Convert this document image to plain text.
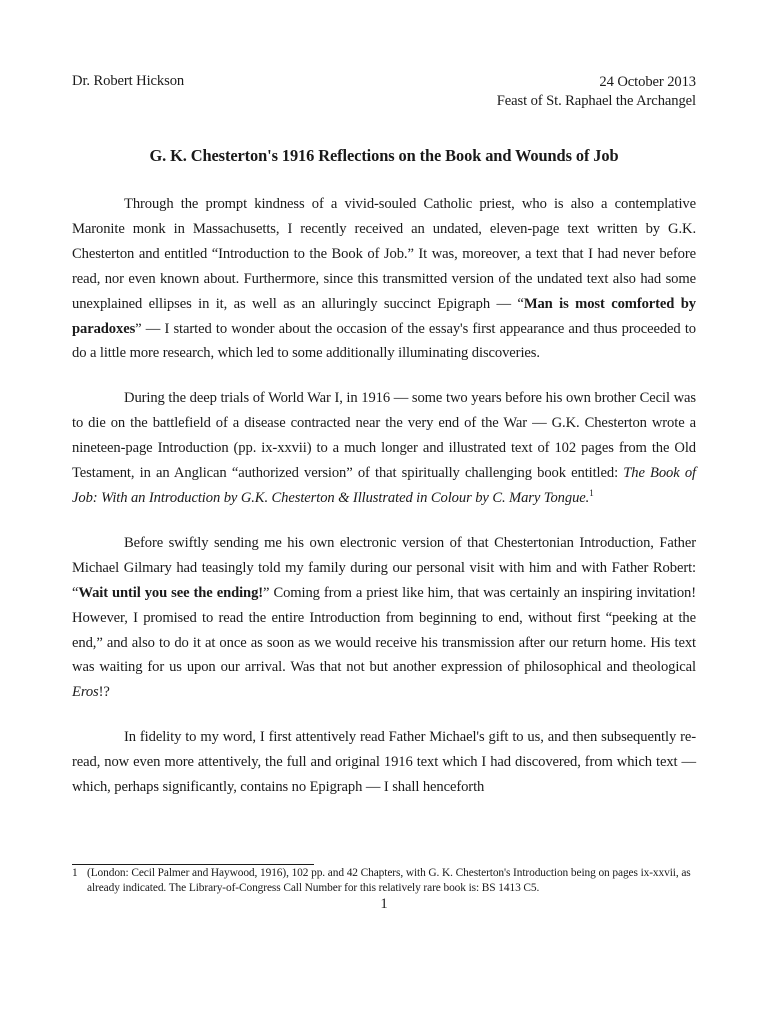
Dr. Robert Hickson	24 October 2013
Feast of St. Raphael the Archangel
G. K. Chesterton's 1916 Reflections on the Book and Wounds of Job

Through the prompt kindness of a vivid-souled Catholic priest, who is also a contemplative Maronite monk in Massachusetts, I recently received an undated, eleven-page text written by G.K. Chesterton and entitled “Introduction to the Book of Job.” It was, moreover, a text that I had never before read, nor even known about. Furthermore, since this transmitted version of the undated text also had some unexplained ellipses in it, as well as an alluringly succinct Epigraph — “Man is most comforted by paradoxes” — I started to wonder about the occasion of the essay's first appearance and thus proceeded to do a little more research, which led to some additionally illuminating discoveries.

During the deep trials of World War I, in 1916 — some two years before his own brother Cecil was to die on the battlefield of a disease contracted near the very end of the War — G.K. Chesterton wrote a nineteen-page Introduction (pp. ix-xxvii) to a much longer and illustrated text of 102 pages from the Old Testament, in an Anglican “authorized version” of that spiritually challenging book entitled: The Book of Job: With an Introduction by G.K. Chesterton & Illustrated in Colour by C. Mary Tongue.$^1$

Before swiftly sending me his own electronic version of that Chestertonian Introduction, Father Michael Gilmary had teasingly told my family during our personal visit with him and with Father Robert: “Wait until you see the ending!” Coming from a priest like him, that was certainly an inspiring invitation! However, I promised to read the entire Introduction from beginning to end, without first “peeking at the end,” and also to do it at once as soon as we would receive his transmission after our return home. His text was waiting for us upon our arrival. Was that not but another expression of philosophical and theological Eros!?

In fidelity to my word, I first attentively read Father Michael's gift to us, and then subsequently re-read, now even more attentively, the full and original 1916 text which I had discovered, from which text — which, perhaps significantly, contains no Epigraph — I shall henceforth

1 (London: Cecil Palmer and Haywood, 1916), 102 pp. and 42 Chapters, with G. K. Chesterton's Introduction being on pages ix-xxvii, as already indicated. The Library-of-Congress Call Number for this relatively rare book is: BS 1413 C5.
1
